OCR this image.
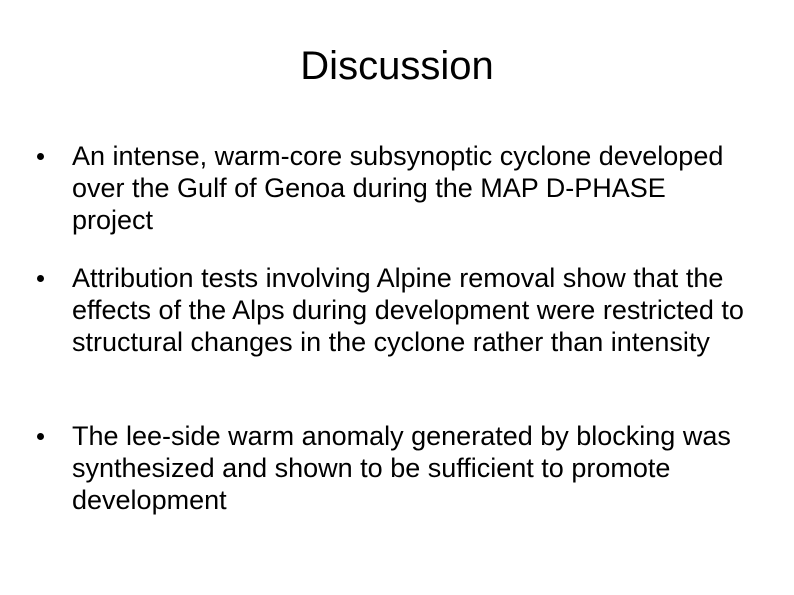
Discussion

An intense, warm-core subsynoptic cyclone developed over the Gulf of Genoa during the MAP D-PHASE project

Attribution tests involving Alpine removal show that the effects of the Alps during development were restricted to structural changes in the cyclone rather than intensity

The lee-side warm anomaly generated by blocking was synthesized and shown to be sufficient to promote development
